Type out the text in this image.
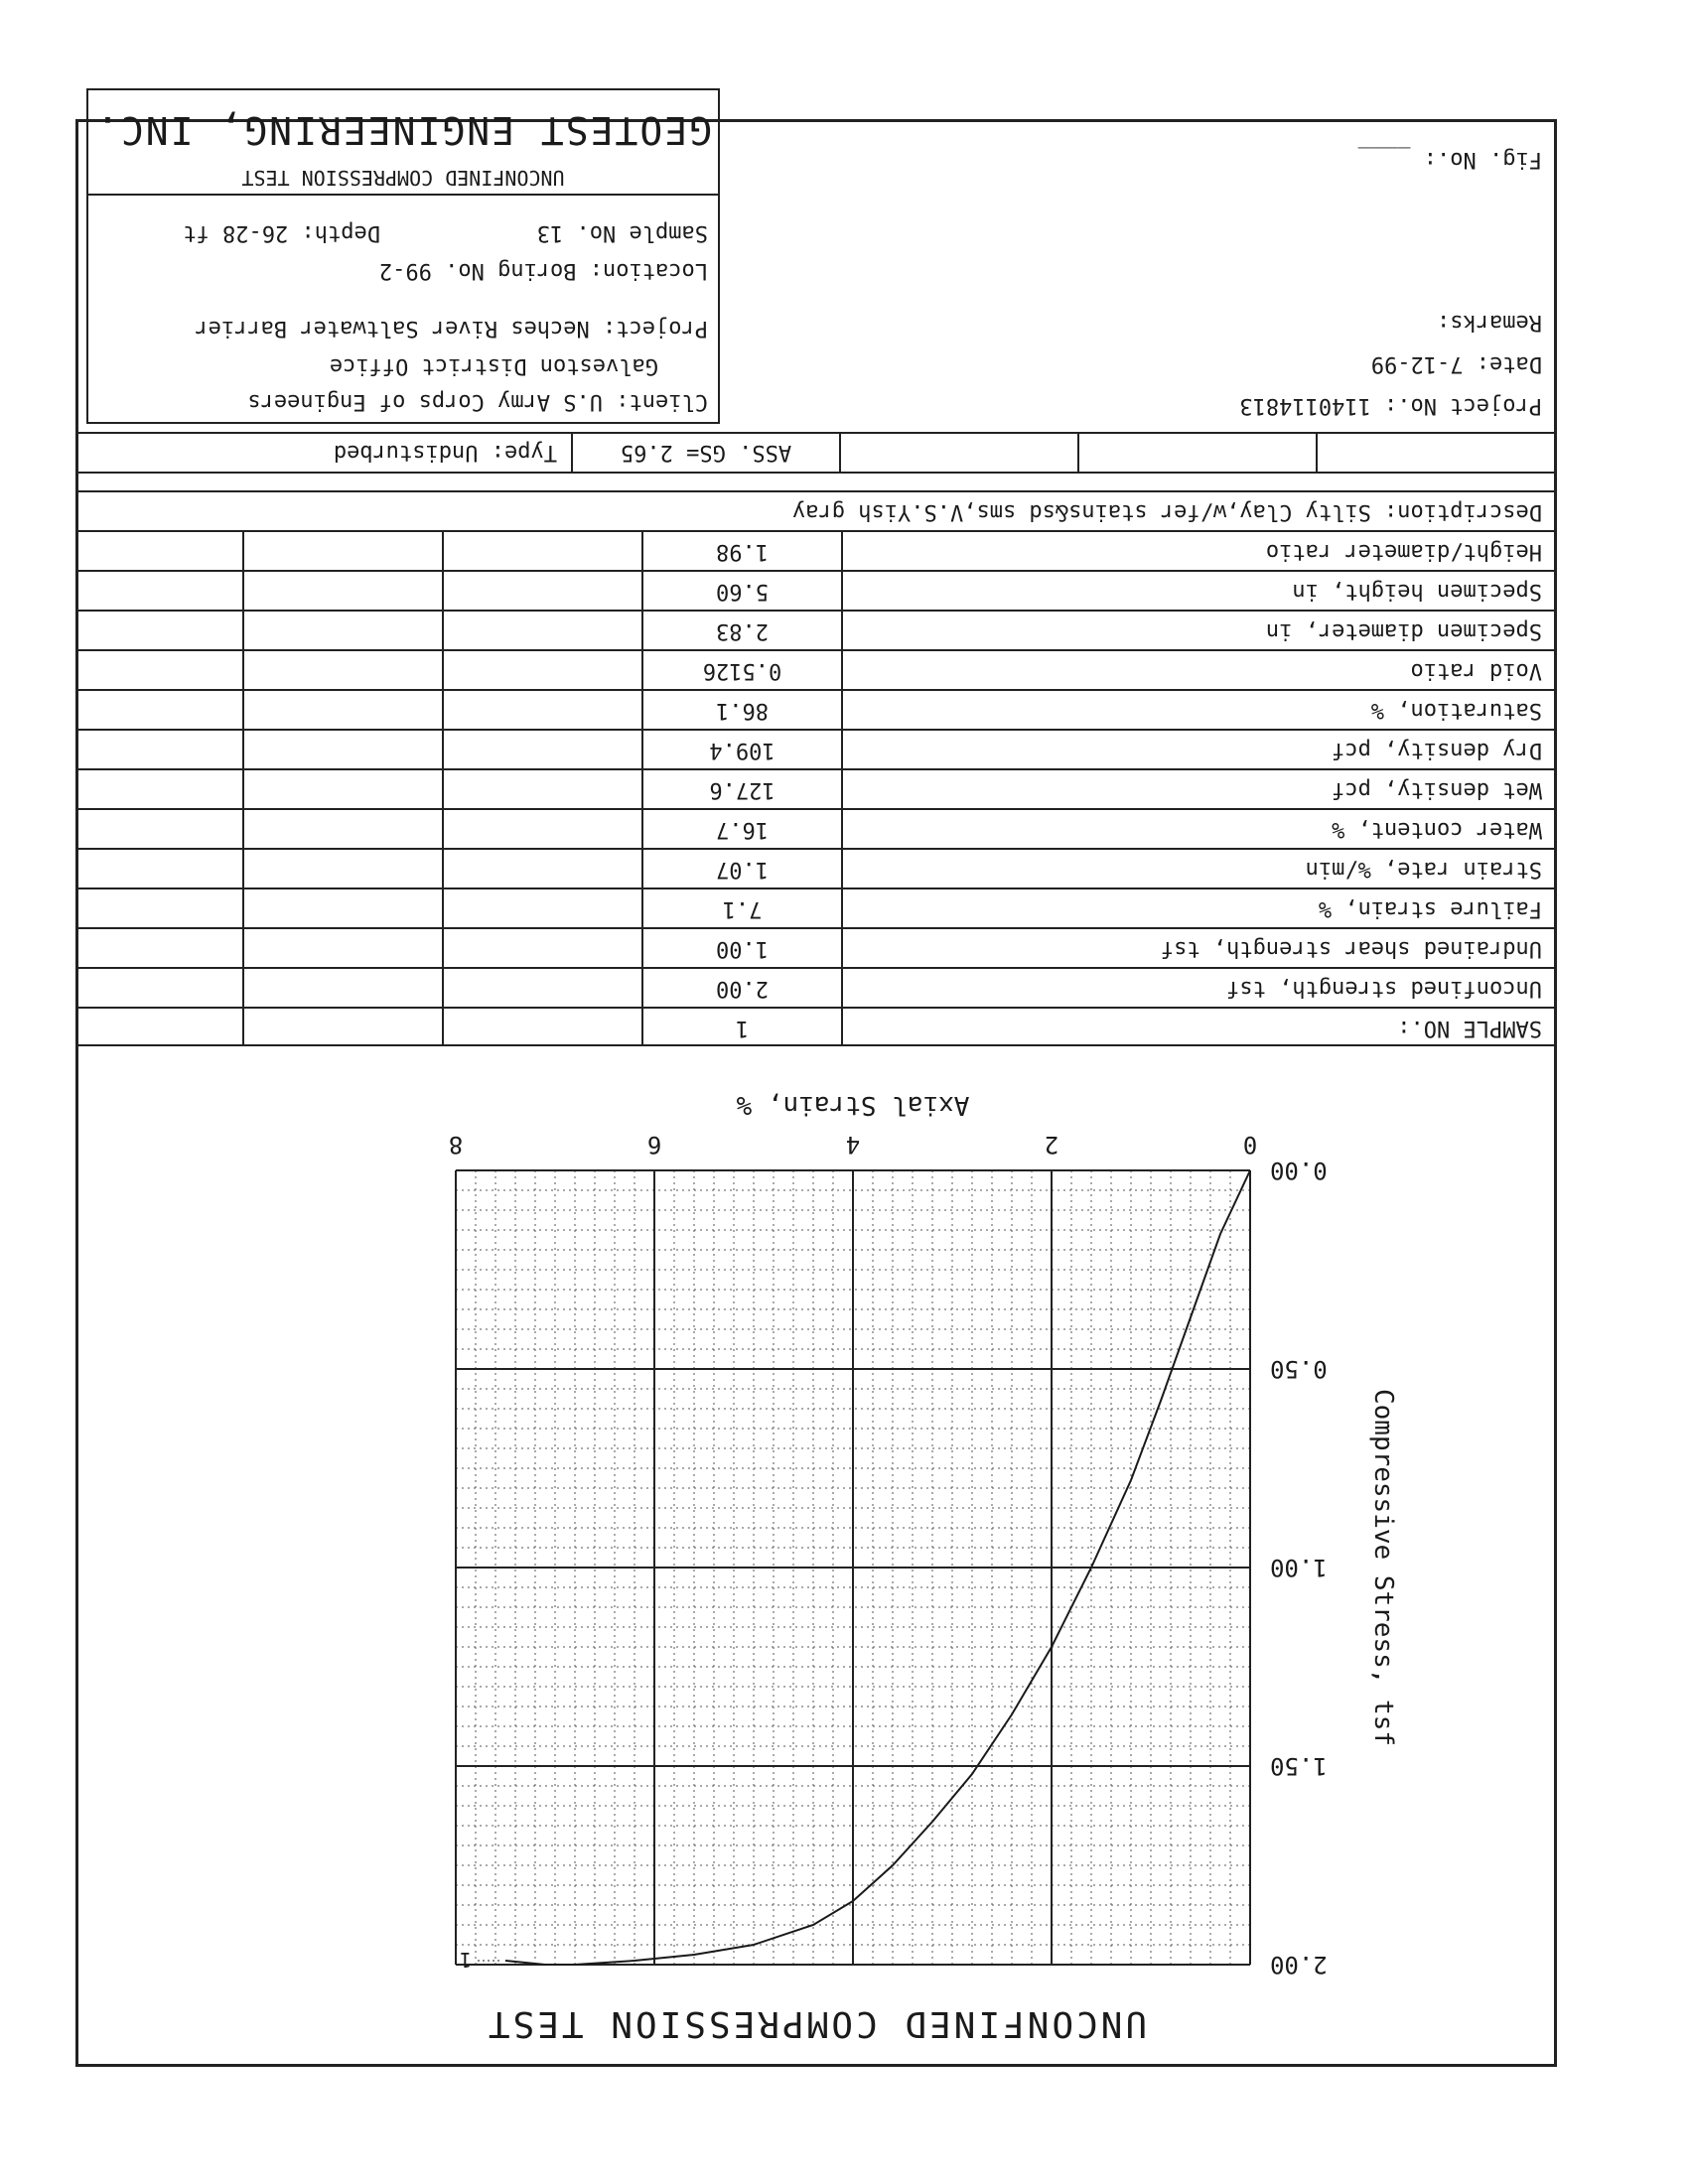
UNCONFINED COMPRESSION TEST
0
2
4
6
8
0.00
0.50
1.00
1.50
2.00
Axial Strain, %
Compressive Stress, tsf
1
SAMPLE NO.:
1
Description: Silty Clay,w/fer stains&sd sms,V.S.Yish gray
ASS. GS= 2.65
Type: Undisturbed
Project No.: 1140114813
Date: 7-12-99
Remarks:
Fig. No.: ____
Client: U.S Army Corps of Engineers
Galveston District Office
Project: Neches River Saltwater Barrier
Location: Boring No. 99-2
Sample No. 13
Depth: 26-28 ft
UNCONFINED COMPRESSION TEST
GEOTEST ENGINEERING, INC.
Unconfined strength, tsf
2.00
Undrained shear strength, tsf
1.00
Failure strain, %
7.1
Strain rate, %/min
1.07
Water content, %
16.7
Wet density, pcf
127.6
Dry density, pcf
109.4
Saturation, %
86.1
Void ratio
0.5126
Specimen diameter, in
2.83
Specimen height, in
5.60
Height/diameter ratio
1.98
